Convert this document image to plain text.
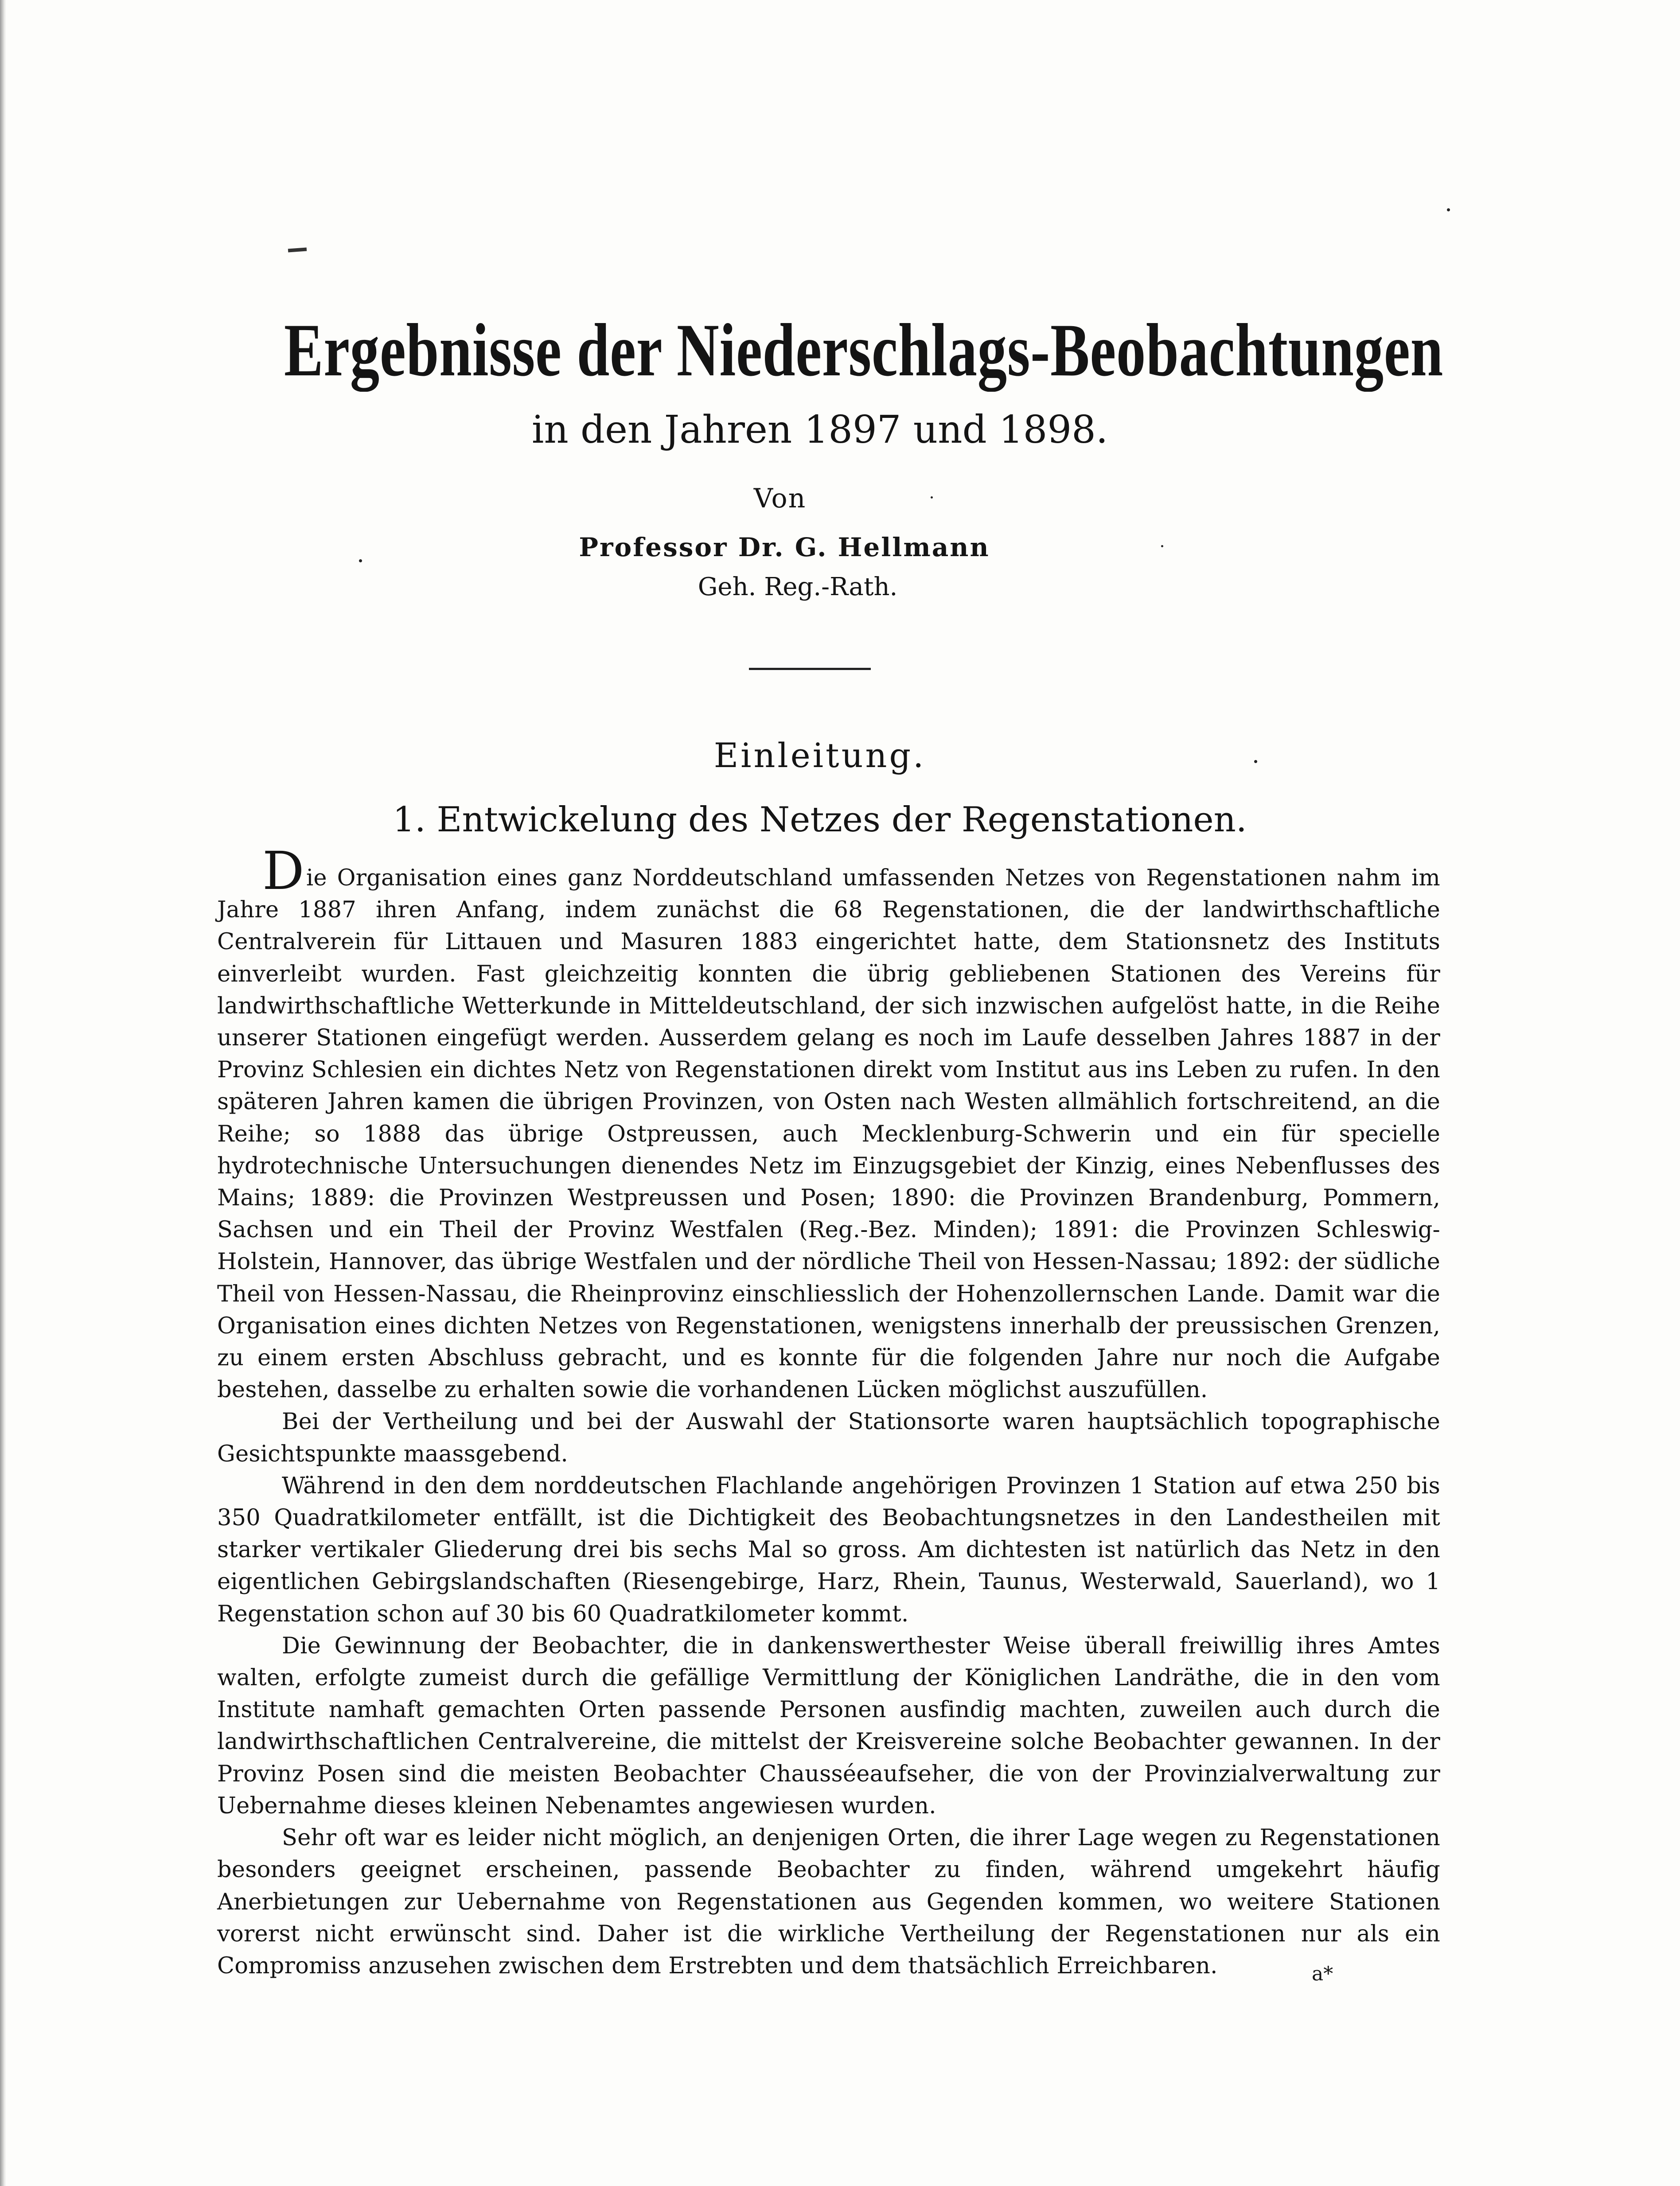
Ergebnisse der Niederschlags-Beobachtungen
in den Jahren 1897 und 1898.
Von
Professor Dr. G. Hellmann
Geh. Reg.-Rath.
Einleitung.
1. Entwickelung des Netzes der Regenstationen.

Die Organisation eines ganz Norddeutschland umfassenden Netzes von Regenstationen nahm im Jahre 1887 ihren Anfang, indem zunächst die 68 Regenstationen, die der landwirthschaftliche Centralverein für Littauen und Masuren 1883 eingerichtet hatte, dem Stationsnetz des Instituts einverleibt wurden. Fast gleichzeitig konnten die übrig gebliebenen Stationen des Vereins für landwirthschaftliche Wetterkunde in Mitteldeutschland, der sich inzwischen aufgelöst hatte, in die Reihe unserer Stationen eingefügt werden. Ausserdem gelang es noch im Laufe desselben Jahres 1887 in der Provinz Schlesien ein dichtes Netz von Regenstationen direkt vom Institut aus ins Leben zu rufen. In den späteren Jahren kamen die übrigen Provinzen, von Osten nach Westen allmählich fortschreitend, an die Reihe; so 1888 das übrige Ostpreussen, auch Mecklenburg-Schwerin und ein für specielle hydrotechnische Untersuchungen dienendes Netz im Einzugsgebiet der Kinzig, eines Nebenflusses des Mains; 1889: die Provinzen Westpreussen und Posen; 1890: die Provinzen Brandenburg, Pommern, Sachsen und ein Theil der Provinz Westfalen (Reg.-Bez. Minden); 1891: die Provinzen Schleswig-Holstein, Hannover, das übrige Westfalen und der nördliche Theil von Hessen-Nassau; 1892: der südliche Theil von Hessen-Nassau, die Rheinprovinz einschliesslich der Hohenzollernschen Lande. Damit war die Organisation eines dichten Netzes von Regenstationen, wenigstens innerhalb der preussischen Grenzen, zu einem ersten Abschluss gebracht, und es konnte für die folgenden Jahre nur noch die Aufgabe bestehen, dasselbe zu erhalten sowie die vorhandenen Lücken möglichst auszufüllen.

Bei der Vertheilung und bei der Auswahl der Stationsorte waren hauptsächlich topographische Gesichtspunkte maassgebend.

Während in den dem norddeutschen Flachlande angehörigen Provinzen 1 Station auf etwa 250 bis 350 Quadratkilometer entfällt, ist die Dichtigkeit des Beobachtungsnetzes in den Landestheilen mit starker vertikaler Gliederung drei bis sechs Mal so gross. Am dichtesten ist natürlich das Netz in den eigentlichen Gebirgslandschaften (Riesengebirge, Harz, Rhein, Taunus, Westerwald, Sauerland), wo 1 Regenstation schon auf 30 bis 60 Quadratkilometer kommt.

Die Gewinnung der Beobachter, die in dankenswerthester Weise überall freiwillig ihres Amtes walten, erfolgte zumeist durch die gefällige Vermittlung der Königlichen Landräthe, die in den vom Institute namhaft gemachten Orten passende Personen ausfindig machten, zuweilen auch durch die landwirthschaftlichen Centralvereine, die mittelst der Kreisvereine solche Beobachter gewannen. In der Provinz Posen sind die meisten Beobachter Chausséeaufseher, die von der Provinzialverwaltung zur Uebernahme dieses kleinen Nebenamtes angewiesen wurden.

Sehr oft war es leider nicht möglich, an denjenigen Orten, die ihrer Lage wegen zu Regenstationen besonders geeignet erscheinen, passende Beobachter zu finden, während umgekehrt häufig Anerbietungen zur Uebernahme von Regenstationen aus Gegenden kommen, wo weitere Stationen vorerst nicht erwünscht sind. Daher ist die wirkliche Vertheilung der Regenstationen nur als ein Compromiss anzusehen zwischen dem Erstrebten und dem thatsächlich Erreichbaren.	a*
